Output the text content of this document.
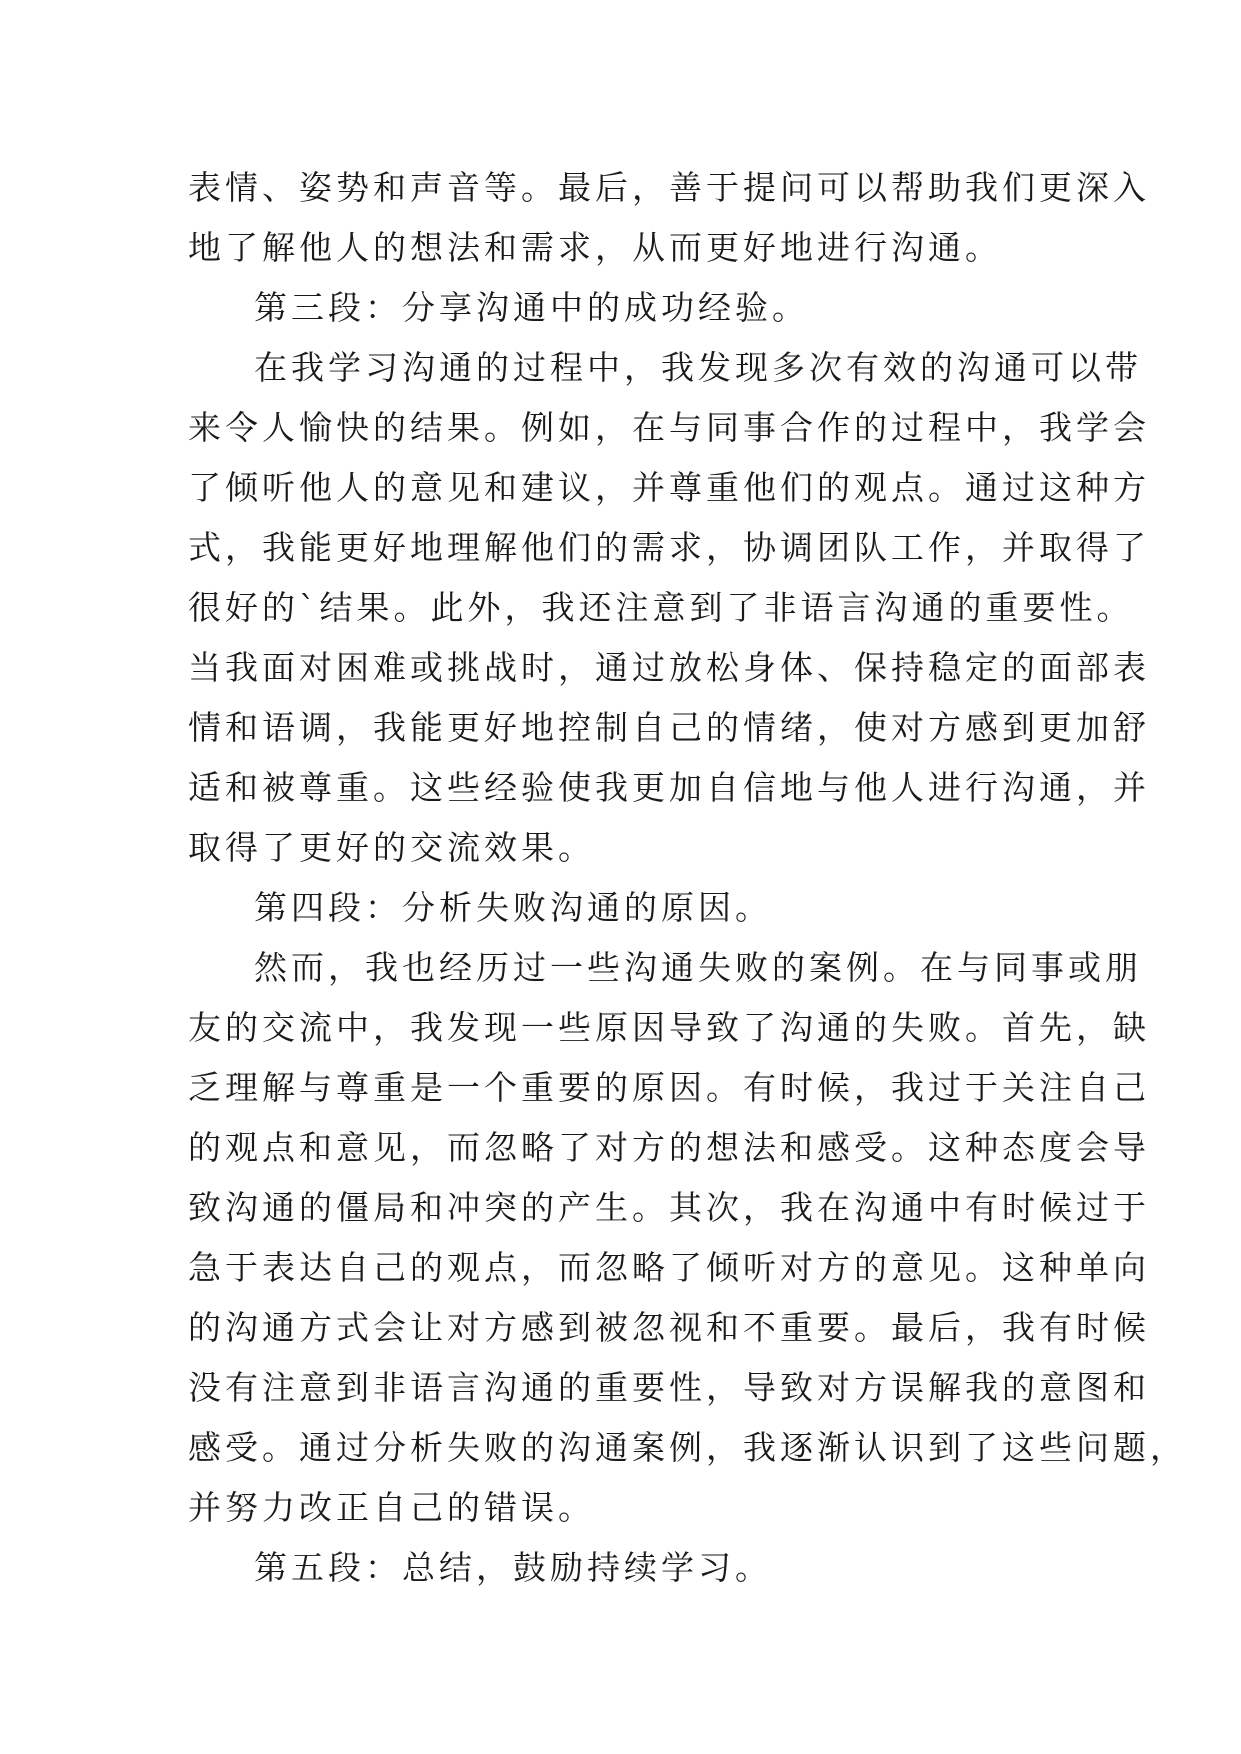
表情、姿势和声音等。最后，善于提问可以帮助我们更深入
地了解他人的想法和需求，从而更好地进行沟通。
第三段：分享沟通中的成功经验。
在我学习沟通的过程中，我发现多次有效的沟通可以带
来令人愉快的结果。例如，在与同事合作的过程中，我学会
了倾听他人的意见和建议，并尊重他们的观点。通过这种方
式，我能更好地理解他们的需求，协调团队工作，并取得了
很好的`结果。此外，我还注意到了非语言沟通的重要性。
当我面对困难或挑战时，通过放松身体、保持稳定的面部表
情和语调，我能更好地控制自己的情绪，使对方感到更加舒
适和被尊重。这些经验使我更加自信地与他人进行沟通，并
取得了更好的交流效果。
第四段：分析失败沟通的原因。
然而，我也经历过一些沟通失败的案例。在与同事或朋
友的交流中，我发现一些原因导致了沟通的失败。首先，缺
乏理解与尊重是一个重要的原因。有时候，我过于关注自己
的观点和意见，而忽略了对方的想法和感受。这种态度会导
致沟通的僵局和冲突的产生。其次，我在沟通中有时候过于
急于表达自己的观点，而忽略了倾听对方的意见。这种单向
的沟通方式会让对方感到被忽视和不重要。最后，我有时候
没有注意到非语言沟通的重要性，导致对方误解我的意图和
感受。通过分析失败的沟通案例，我逐渐认识到了这些问题，
并努力改正自己的错误。
第五段：总结，鼓励持续学习。
